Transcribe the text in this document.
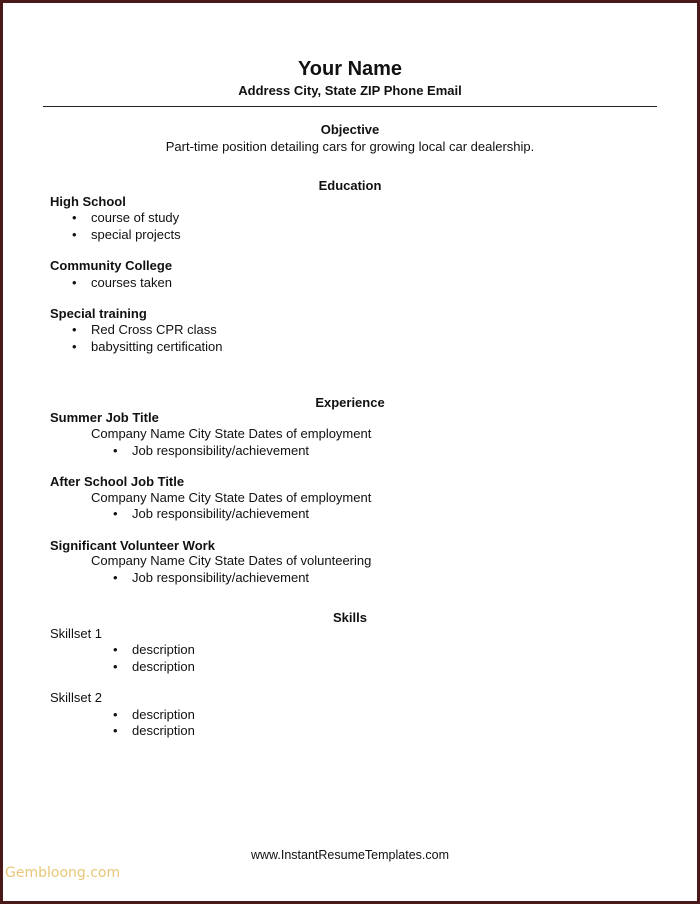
Your Name
Address City, State ZIP Phone Email
Objective
Part-time position detailing cars for growing local car dealership.
Education
High School
• course of study
• special projects
Community College
• courses taken
Special training
• Red Cross CPR class
• babysitting certification
Experience
Summer Job Title
Company Name City State Dates of employment
• Job responsibility/achievement
After School Job Title
Company Name City State Dates of employment
• Job responsibility/achievement
Significant Volunteer Work
Company Name City State Dates of volunteering
• Job responsibility/achievement
Skills
Skillset 1
• description
• description
Skillset 2
• description
• description
www.InstantResumeTemplates.com
Gembloong.com
